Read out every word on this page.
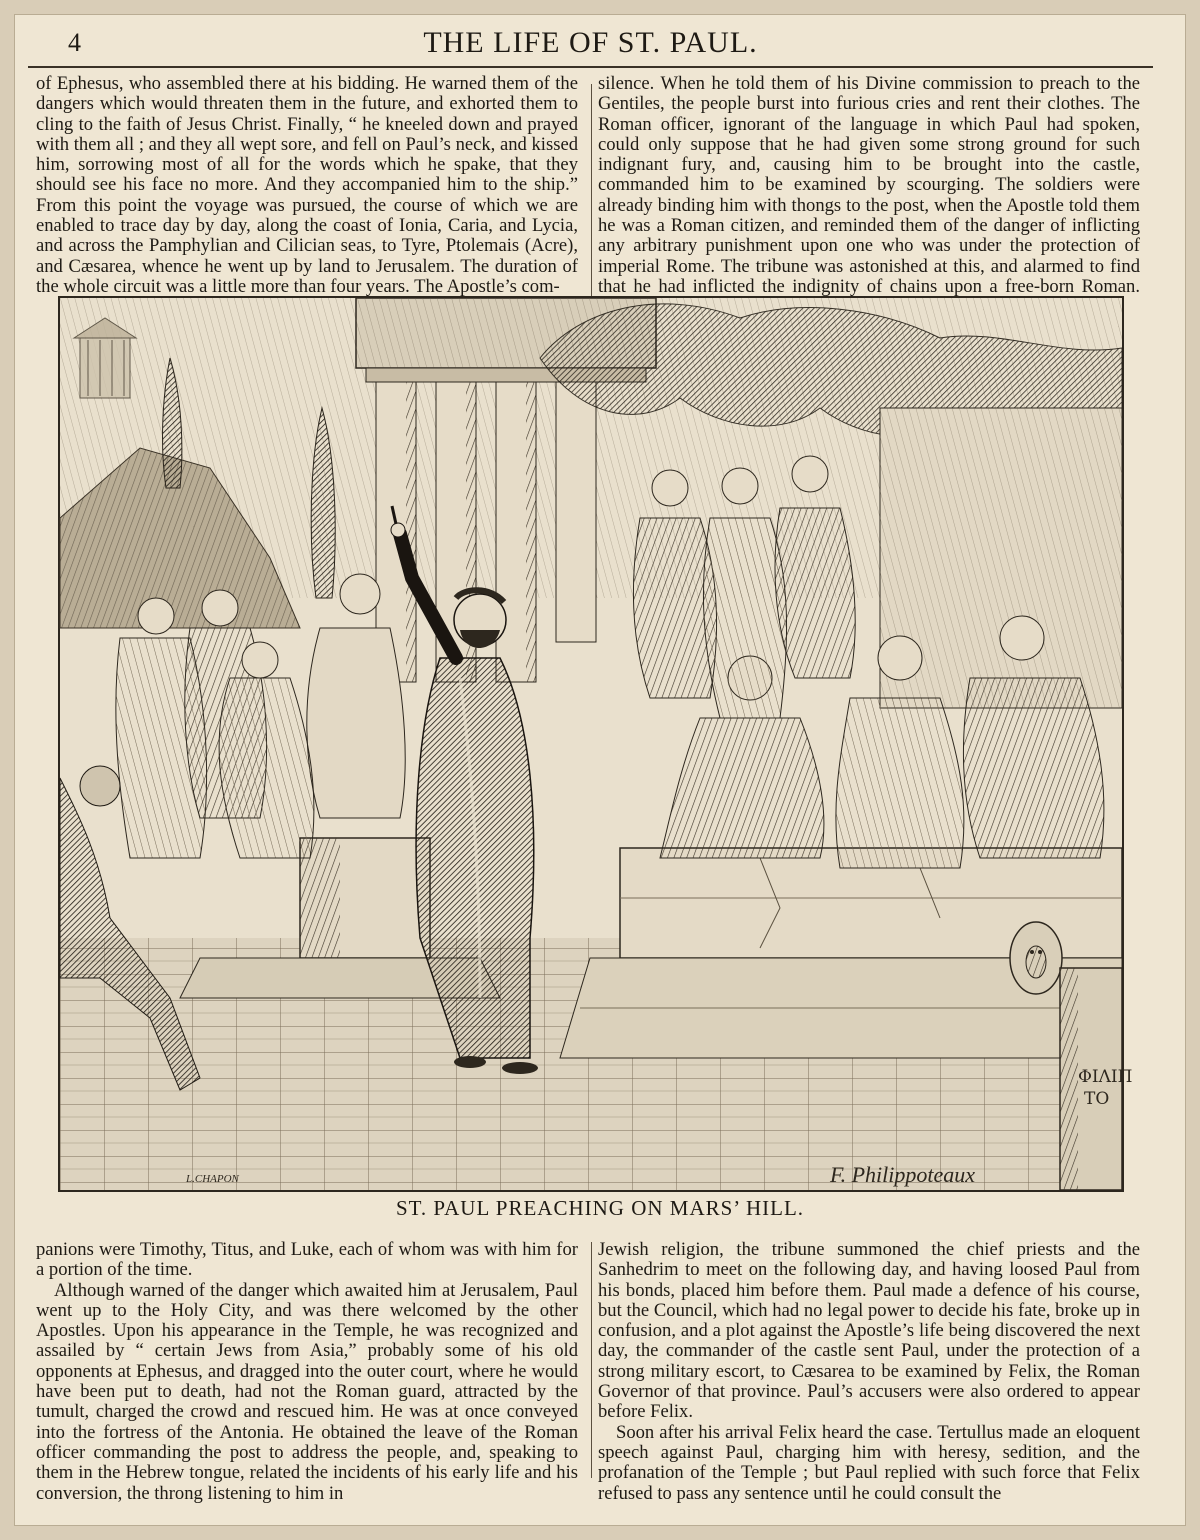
4	THE LIFE OF ST. PAUL.

of Ephesus, who assembled there at his bidding. He warned them of the dangers which would threaten them in the future, and exhorted them to cling to the faith of Jesus Christ. Finally, “ he kneeled down and prayed with them all ; and they all wept sore, and fell on Paul’s neck, and kissed him, sorrowing most of all for the words which he spake, that they should see his face no more. And they accompanied him to the ship.” From this point the voyage was pursued, the course of which we are enabled to trace day by day, along the coast of Ionia, Caria, and Lycia, and across the Pamphylian and Cilician seas, to Tyre, Ptolemais (Acre), and Cæsarea, whence he went up by land to Jerusalem. The duration of the whole circuit was a little more than four years. The Apostle’s com-

silence. When he told them of his Divine commission to preach to the Gentiles, the people burst into furious cries and rent their clothes. The Roman officer, ignorant of the language in which Paul had spoken, could only suppose that he had given some strong ground for such indignant fury, and, causing him to be brought into the castle, commanded him to be examined by scourging. The soldiers were already binding him with thongs to the post, when the Apostle told them he was a Roman citizen, and reminded them of the danger of inflicting any arbitrary punishment upon one who was under the protection of imperial Rome. The tribune was astonished at this, and alarmed to find that he had inflicted the indignity of chains upon a free-born Roman.

ΦΙΛΙΠ
ΤΟ
L.CHAPON	F. Philippoteaux
ST. PAUL PREACHING ON MARS’ HILL.

panions were Timothy, Titus, and Luke, each of whom was with him for a portion of the time.

Although warned of the danger which awaited him at Jerusalem, Paul went up to the Holy City, and was there welcomed by the other Apostles. Upon his appearance in the Temple, he was recognized and assailed by “ certain Jews from Asia,” probably some of his old opponents at Ephesus, and dragged into the outer court, where he would have been put to death, had not the Roman guard, attracted by the tumult, charged the crowd and rescued him. He was at once conveyed into the fortress of the Antonia. He obtained the leave of the Roman officer commanding the post to address the people, and, speaking to them in the Hebrew tongue, related the incidents of his early life and his conversion, the throng listening to him in

Jewish religion, the tribune summoned the chief priests and the Sanhedrim to meet on the following day, and having loosed Paul from his bonds, placed him before them. Paul made a defence of his course, but the Council, which had no legal power to decide his fate, broke up in confusion, and a plot against the Apostle’s life being discovered the next day, the commander of the castle sent Paul, under the protection of a strong military escort, to Cæsarea to be examined by Felix, the Roman Governor of that province. Paul’s accusers were also ordered to appear before Felix.

Soon after his arrival Felix heard the case. Tertullus made an eloquent speech against Paul, charging him with heresy, sedition, and the profanation of the Temple ; but Paul replied with such force that Felix refused to pass any sentence until he could consult the
